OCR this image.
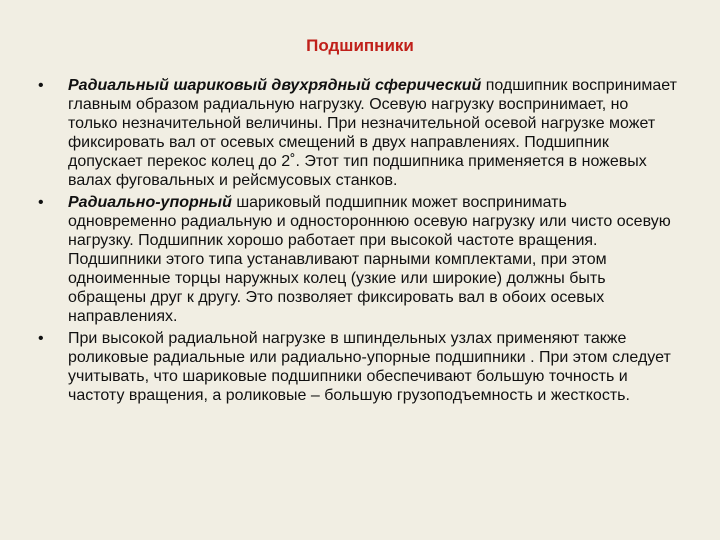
Подшипники
• Радиальный шариковый двухрядный сферический подшипник воспринимает главным образом радиальную нагрузку. Осевую нагрузку воспринимает, но только незначительной величины. При незначительной осевой нагрузке может фиксировать вал от осевых смещений в двух направлениях. Подшипник допускает перекос колец до 2˚. Этот тип подшипника применяется в ножевых валах фуговальных и рейсмусовых станков.
• Радиально-упорный шариковый подшипник может воспринимать одновременно радиальную и одностороннюю осевую нагрузку или чисто осевую нагрузку. Подшипник хорошо работает при высокой частоте вращения. Подшипники этого типа устанавливают парными комплектами, при этом одноименные торцы наружных колец (узкие или широкие) должны быть обращены друг к другу. Это позволяет фиксировать вал в обоих осевых направлениях.
• При высокой радиальной нагрузке в шпиндельных узлах применяют также роликовые радиальные или радиально-упорные подшипники . При этом следует учитывать, что шариковые подшипники обеспечивают большую точность и частоту вращения, а роликовые – большую грузоподъемность и жесткость.
